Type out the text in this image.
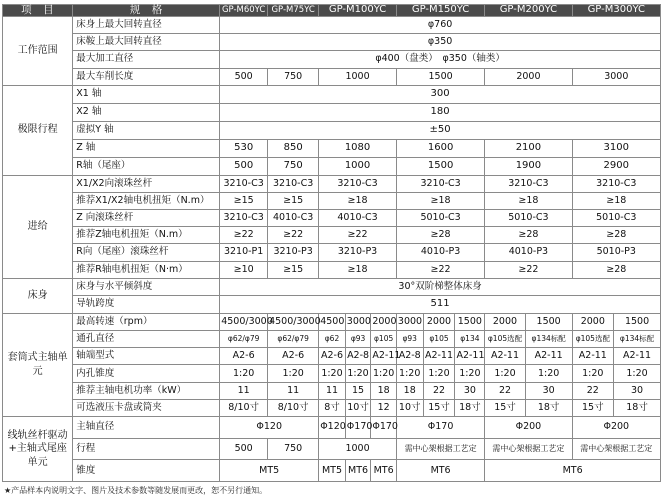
项　目	规　格	GP-M60YC	GP-M75YC	GP-M100YC			GP-M150YC			GP-M200YC		GP-M300YC	
工作范围	床身上最大回转直径	φ760											
	床鞍上最大回转直径	φ350											
	最大加工直径	φ400（盘类）　φ350（轴类）											
	最大车削长度	500	750	1000			1500			2000		3000	
极限行程	X1 轴	300											
	X2 轴	180											
	虚拟Y 轴	±50											
	Z 轴	530	850	1080			1600			2100		3100	
	R轴（尾座）	500	750	1000			1500			1900		2900	
进给	X1/X2向滚珠丝杆	3210-C3	3210-C3	3210-C3			3210-C3			3210-C3		3210-C3	
	推荐X1/X2轴电机扭矩（N.m）	≥15	≥15	≥18			≥18			≥18		≥18	
	Z 向滚珠丝杆	3210-C3	4010-C3	4010-C3			5010-C3			5010-C3		5010-C3	
	推荐Z轴电机扭矩（N.m）	≥22	≥22	≥22			≥28			≥28		≥28	
	R向（尾座）滚珠丝杆	3210-P1	3210-P3	3210-P3			4010-P3			4010-P3		5010-P3	
	推荐R轴电机扭矩（N·m）	≥10	≥15	≥18			≥22			≥22		≥28	
床身	床身与水平倾斜度	30°双阶梯整体床身											
	导轨跨度	511											
套筒式主轴单元	最高转速（rpm）	4500/3000	4500/3000	4500	3000	2000	3000	2000	1500	2000	1500	2000	1500
	通孔直径	φ62/φ79	φ62/φ79	φ62	φ93	φ105	φ93	φ105	φ134	φ105选配	φ134标配	φ105选配	φ134标配
	轴端型式	A2-6	A2-6	A2-6	A2-8	A2-11	A2-8	A2-11	A2-11	A2-11	A2-11	A2-11	A2-11
	内孔锥度	1:20	1:20	1:20	1:20	1:20	1:20	1:20	1:20	1:20	1:20	1:20	1:20
	推荐主轴电机功率（kW）	11	11	11	15	18	18	22	30	22	30	22	30
	可选液压卡盘或筒夹	8/10寸	8/10寸	8寸	10寸	12	10寸	15寸	18寸	15寸	18寸	15寸	18寸
线轨丝杆驱动+主轴式尾座单元	主轴直径	Φ120		Φ120	Φ170	Φ170	Φ170			Φ200		Φ200	
	行程	500	750	1000			需中心架根据工艺定			需中心架根据工艺定		需中心架根据工艺定	
	锥度	MT5		MT5	MT6	MT6	MT6			MT6			
★产品样本内说明文字、图片及技术参数等随发展而更改，恕不另行通知。
